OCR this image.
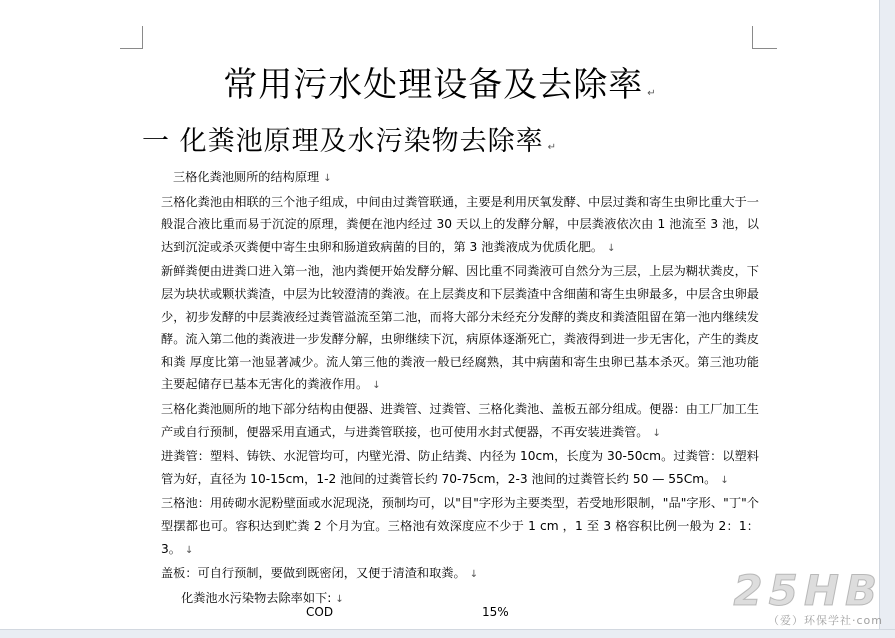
常用污水处理设备及去除率 ↵
一 化粪池原理及水污染物去除率 ↵

三格化粪池厕所的结构原理 ↓

三格化粪池由相联的三个池子组成，中间由过粪管联通，主要是利用厌氧发酵、中层过粪和寄生虫卵比重大于一般混合液比重而易于沉淀的原理，粪便在池内经过 30 天以上的发酵分解，中层粪液依次由 1 池流至 3 池，以达到沉淀或杀灭粪便中寄生虫卵和肠道致病菌的目的，第 3 池粪液成为优质化肥。 ↓

新鲜粪便由进粪口进入第一池，池内粪便开始发酵分解、因比重不同粪液可自然分为三层，上层为糊状粪皮，下层为块状或颗状粪渣，中层为比较澄清的粪液。在上层粪皮和下层粪渣中含细菌和寄生虫卵最多，中层含虫卵最少，初步发酵的中层粪液经过粪管溢流至第二池，而将大部分未经充分发酵的粪皮和粪渣阻留在第一池内继续发酵。流入第二他的粪液进一步发酵分解，虫卵继续下沉，病原体逐渐死亡，粪液得到进一步无害化，产生的粪皮和粪 厚度比第一池显著减少。流人第三他的粪液一般已经腐熟，其中病菌和寄生虫卵已基本杀灭。第三池功能主要起储存已基本无害化的粪液作用。 ↓

三格化粪池厕所的地下部分结构由便器、进粪管、过粪管、三格化粪池、盖板五部分组成。便器：由工厂加工生产或自行预制，便器采用直通式，与进粪管联接，也可使用水封式便器，不再安装进粪管。 ↓

进粪管：塑料、铸铁、水泥管均可，内壁光滑、防止结粪、内径为 10cm，长度为 30-50cm。过粪管：以塑料管为好，直径为 10-15cm，1-2 池间的过粪管长约 70-75cm，2-3 池间的过粪管长约 50 — 55Cm。 ↓

三格池：用砖砌水泥粉壁面或水泥现浇，预制均可，以"目"字形为主要类型，若受地形限制，"品"字形、"丁"个型摆都也可。容积达到贮粪 2 个月为宜。三格池有效深度应不少于 1 cm ，1 至 3 格容积比例一般为 2：1：3。 ↓

盖板：可自行预制，要做到既密闭，又便于清渣和取粪。 ↓

化粪池水污染物去除率如下: ↓

COD	15%	25HB
（爱）环保学社·com
